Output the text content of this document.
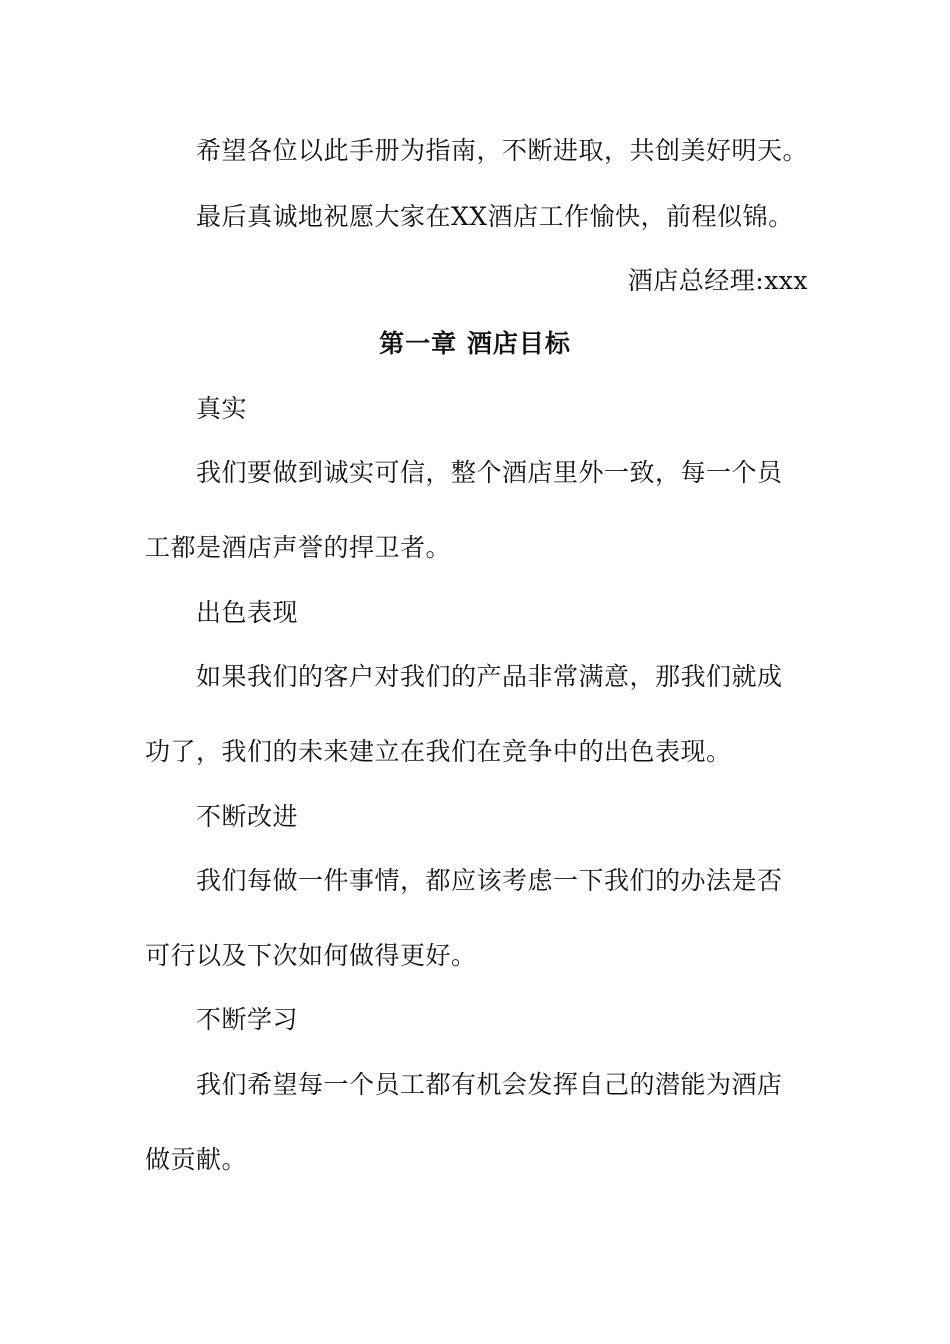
希望各位以此手册为指南，不断进取，共创美好明天。
最后真诚地祝愿大家在XX酒店工作愉快，前程似锦。
酒店总经理:xxx
第一章 酒店目标
真实
我们要做到诚实可信，整个酒店里外一致，每一个员
工都是酒店声誉的捍卫者。
出色表现
如果我们的客户对我们的产品非常满意，那我们就成
功了，我们的未来建立在我们在竞争中的出色表现。
不断改进
我们每做一件事情，都应该考虑一下我们的办法是否
可行以及下次如何做得更好。
不断学习
我们希望每一个员工都有机会发挥自己的潜能为酒店
做贡献。
